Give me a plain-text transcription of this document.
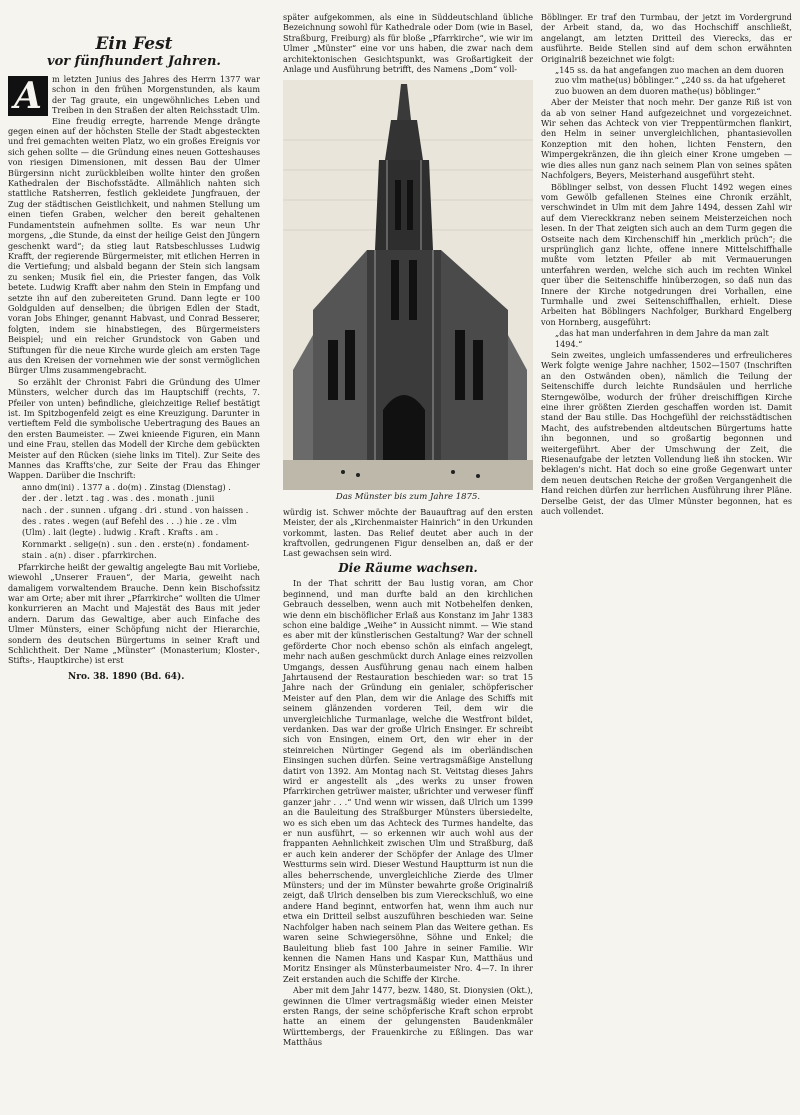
Ein Fest
vor fünfhundert Jahren.
A	m letzten Junius des Jahres des Herrn 1377 war schon in den frühen Morgenstunden, als kaum der Tag graute, ein ungewöhnliches Leben und Treiben in den Straßen der alten Reichsstadt Ulm. Eine freudig erregte, harrende Menge drängte gegen einen auf der höchsten Stelle der Stadt abgesteckten und frei gemachten weiten Platz, wo ein großes Ereignis vor sich gehen sollte — die Gründung eines neuen Gotteshauses von riesigen Dimensionen, mit dessen Bau der Ulmer Bürgersinn nicht zurückbleiben wollte hinter den großen Kathedralen der Bischofsstädte. Allmählich nahten sich stattliche Ratsherren, festlich gekleidete Jungfrauen, der Zug der städtischen Geistlichkeit, und nahmen Stellung um einen tiefen Graben, welcher den bereit gehaltenen Fundamentstein aufnehmen sollte. Es war neun Uhr morgens, „die Stunde, da einst der heilige Geist den Jüngern geschenkt ward“; da stieg laut Ratsbeschlusses Ludwig Krafft, der regierende Bürgermeister, mit etlichen Herren in die Vertiefung; und alsbald begann der Stein sich langsam zu senken; Musik fiel ein, die Priester fangen, das Volk betete. Ludwig Krafft aber nahm den Stein in Empfang und setzte ihn auf den zubereiteten Grund. Dann legte er 100 Goldgulden auf denselben; die übrigen Edlen der Stadt, voran Jobs Ehinger, genannt Habvast, und Conrad Besserer, folgten, indem sie hinabstiegen, des Bürgermeisters Beispiel; und ein reicher Grundstock von Gaben und Stiftungen für die neue Kirche wurde gleich am ersten Tage aus den Kreisen der vornehmen wie der sonst vermöglichen Bürger Ulms zusammengebracht.

So erzählt der Chronist Fabri die Gründung des Ulmer Münsters, welcher durch das im Hauptschiff (rechts, 7. Pfeiler von unten) befindliche, gleichzeitige Relief bestätigt ist. Im Spitzbogenfeld zeigt es eine Kreuzigung. Darunter in vertieftem Feld die symbolische Uebertragung des Baues an den ersten Baumeister. — Zwei knieende Figuren, ein Mann und eine Frau, stellen das Modell der Kirche dem gebückten Meister auf den Rücken (siehe links im Titel). Zur Seite des Mannes das Kraffts'che, zur Seite der Frau das Ehinger Wappen. Darüber die Inschrift:

anno dm(ini) . 1377 a . do(m) . Zinstag (Dienstag) .

der . der . letzt . tag . was . des . monath . junii

nach . der . sunnen . ufgang . dri . stund . von haissen .

des . rates . wegen (auf Befehl des . . .) hie . ze . vlm

(Ulm) . lait (legte) . ludwig . Kraft . Krafts . am .

Kornmarkt . selige(n) . sun . den . erste(n) . fondament-

stain . a(n) . diser . pfarrkirchen.

Pfarrkirche heißt der gewaltig angelegte Bau mit Vorliebe, wiewohl „Unserer Frauen“, der Maria, geweiht nach damaligem vorwaltendem Brauche. Denn kein Bischofssitz war am Orte; aber mit ihrer „Pfarrkirche“ wollten die Ulmer konkurrieren an Macht und Majestät des Baus mit jeder andern. Darum das Gewaltige, aber auch Einfache des Ulmer Münsters, einer Schöpfung nicht der Hierarchie, sondern des deutschen Bürgertums in seiner Kraft und Schlichtheit. Der Name „Münster“ (Monasterium; Kloster-, Stifts-, Hauptkirche) ist erst

Nro. 38. 1890 (Bd. 64).

später aufgekommen, als eine in Süddeutschland übliche Bezeichnung sowohl für Kathedrale oder Dom (wie in Basel, Straßburg, Freiburg) als für bloße „Pfarrkirche“, wie wir im Ulmer „Münster“ eine vor uns haben, die zwar nach dem architektonischen Gesichtspunkt, was Großartigkeit der Anlage und Ausführung betrifft, des Namens „Dom“ voll-

Das Münster bis zum Jahre 1875.

würdig ist. Schwer möchte der Bauauftrag auf den ersten Meister, der als „Kirchenmaister Hainrich“ in den Urkunden vorkommt, lasten. Das Relief deutet aber auch in der kraftvollen, gedrungenen Figur denselben an, daß er der Last gewachsen sein wird.

Die Räume wachsen.

In der That schritt der Bau lustig voran, am Chor beginnend, und man durfte bald an den kirchlichen Gebrauch desselben, wenn auch mit Notbehelfen denken, wie denn ein bischöflicher Erlaß aus Konstanz im Jahr 1383 schon eine baldige „Weihe“ in Aussicht nimmt. — Wie stand es aber mit der künstlerischen Gestaltung? War der schnell geförderte Chor noch ebenso schön als einfach angelegt, mehr nach außen geschmückt durch Anlage eines reizvollen Umgangs, dessen Ausführung genau nach einem halben Jahrtausend der Restauration beschieden war: so trat 15 Jahre nach der Gründung ein genialer, schöpferischer Meister auf den Plan, dem wir die Anlage des Schiffs mit seinem glänzenden vorderen Teil, dem wir die unvergleichliche Turmanlage, welche die Westfront bildet, verdanken. Das war der große Ulrich Ensinger. Er schreibt sich von Ensingen, einem Ort, den wir eher in der steinreichen Nürtinger Gegend als im oberländischen Einsingen suchen dürfen. Seine vertragsmäßige Anstellung datirt von 1392. Am Montag nach St. Veitstag dieses Jahrs wird er angestellt als „des werks zu unser frowen Pfarrkirchen getrüwer maister, ußrichter und verweser fünff ganzer jahr . . .“ Und wenn wir wissen, daß Ulrich um 1399 an die Bauleitung des Straßburger Münsters übersiedelte, wo es sich eben um das Achteck des Turmes handelte, das er nun ausführt, — so erkennen wir auch wohl aus der frappanten Aehnlichkeit zwischen Ulm und Straßburg, daß er auch kein anderer der Schöpfer der Anlage des Ulmer Westturms sein wird. Dieser Westund Hauptturm ist nun die alles beherrschende, unvergleichliche Zierde des Ulmer Münsters; und der im Münster bewahrte große Originalriß zeigt, daß Ulrich denselben bis zum Viereckschluß, wo eine andere Hand beginnt, entworfen hat, wenn ihm auch nur etwa ein Dritteil selbst auszuführen beschieden war. Seine Nachfolger haben nach seinem Plan das Weitere gethan. Es waren seine Schwiegersöhne, Söhne und Enkel; die Bauleitung blieb fast 100 Jahre in seiner Familie. Wir kennen die Namen Hans und Kaspar Kun, Matthäus und Moritz Ensinger als Münsterbaumeister Nro. 4—7. In ihrer Zeit erstanden auch die Schiffe der Kirche.

Aber mit dem Jahr 1477, bezw. 1480, St. Dionysien (Okt.), gewinnen die Ulmer vertragsmäßig wieder einen Meister ersten Rangs, der seine schöpferische Kraft schon erprobt hatte an einem der gelungensten Baudenkmäler Württembergs, der Frauenkirche zu Eßlingen. Das war Matthäus

Böblinger. Er traf den Turmbau, der jetzt im Vordergrund der Arbeit stand, da, wo das Hochschiff anschließt, angelangt, am letzten Dritteil des Vierecks, das er ausführte. Beide Stellen sind auf dem schon erwähnten Originalriß bezeichnet wie folgt:

„145 ss. da hat angefangen zuo machen an dem duoren zuo vlm mathe(us) böblinger.“ „240 ss. da hat ufgeheret zuo buowen an dem duoren mathe(us) böblinger.“

Aber der Meister that noch mehr. Der ganze Riß ist von da ab von seiner Hand aufgezeichnet und vorgezeichnet. Wir sehen das Achteck von vier Treppentürmchen flankirt, den Helm in seiner unvergleichlichen, phantasievollen Konzeption mit den hohen, lichten Fenstern, den Wimpergekränzen, die ihn gleich einer Krone umgeben — wie dies alles nun ganz nach seinem Plan von seines späten Nachfolgers, Beyers, Meisterhand ausgeführt steht.

Böblinger selbst, von dessen Flucht 1492 wegen eines vom Gewölb gefallenen Steines eine Chronik erzählt, verschwindet in Ulm mit dem Jahre 1494, dessen Zahl wir auf dem Viereckkranz neben seinem Meisterzeichen noch lesen. In der That zeigten sich auch an dem Turm gegen die Ostseite nach dem Kirchenschiff hin „merklich prüch“; die ursprünglich ganz lichte, offene innere Mittelschiffhalle mußte vom letzten Pfeiler ab mit Vermauerungen unterfahren werden, welche sich auch im rechten Winkel quer über die Seitenschiffe hinüberzogen, so daß nun das Innere der Kirche notgedrungen drei Vorhallen, eine Turmhalle und zwei Seitenschiffhallen, erhielt. Diese Arbeiten hat Böblingers Nachfolger, Burkhard Engelberg von Hornberg, ausgeführt:

„das hat man underfahren in dem Jahre da man zalt 1494.“

Sein zweites, ungleich umfassenderes und erfreulicheres Werk folgte wenige Jahre nachher, 1502—1507 (Inschriften an den Ostwänden oben), nämlich die Teilung der Seitenschiffe durch leichte Rundsäulen und herrliche Sterngewölbe, wodurch der früher dreischiffigen Kirche eine ihrer größten Zierden geschaffen worden ist. Damit stand der Bau stille. Das Hochgefühl der reichsstädtischen Macht, des aufstrebenden altdeutschen Bürgertums hatte ihn begonnen, und so großartig begonnen und weitergeführt. Aber der Umschwung der Zeit, die Riesenaufgabe der letzten Vollendung ließ ihn stocken. Wir beklagen's nicht. Hat doch so eine große Gegenwart unter dem neuen deutschen Reiche der großen Vergangenheit die Hand reichen dürfen zur herrlichen Ausführung ihrer Pläne. Derselbe Geist, der das Ulmer Münster begonnen, hat es auch vollendet.
